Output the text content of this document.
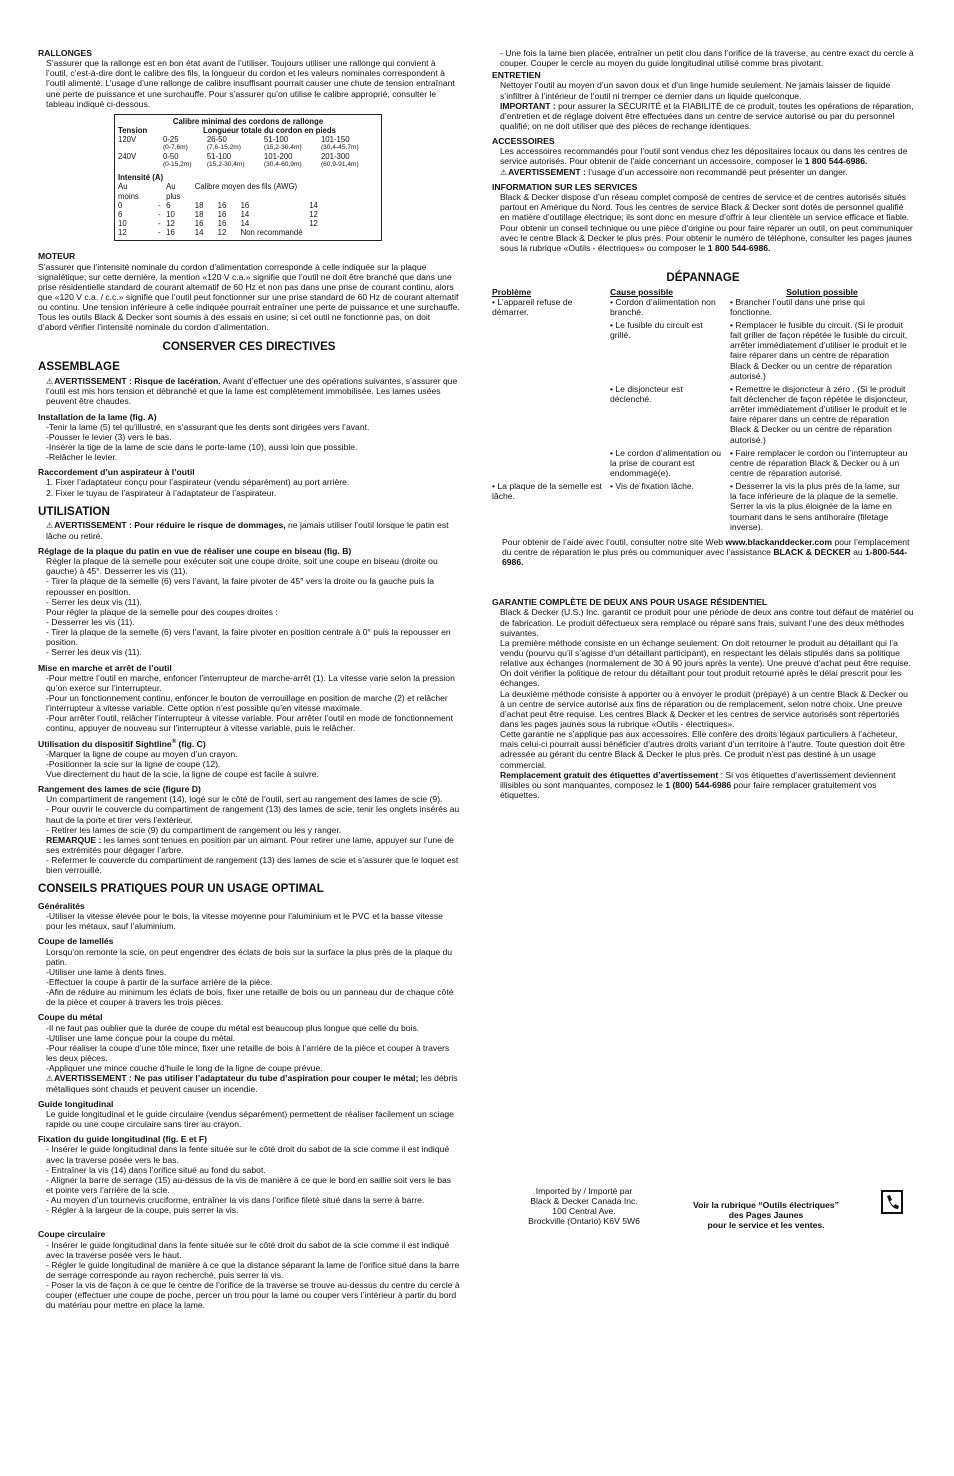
RALLONGES

S’assurer que la rallonge est en bon état avant de l’utiliser. Toujours utiliser une rallonge qui convient à l’outil, c’est-à-dire dont le calibre des fils, la longueur du cordon et les valeurs nominales correspondent à l’outil alimenté. L’usage d’une rallonge de calibre insuffisant pourrait causer une chute de tension entraînant une perte de puissance et une surchauffe. Pour s’assurer qu’on utilise le calibre approprié, consulter le tableau indiqué ci-dessous.

Calibre minimal des cordons de rallonge
Tension	Longueur totale du cordon en pieds			
120V	0-25	26-50	51-100	101-150
	(0-7,6m)	(7,6-15,2m)	(15,2-30,4m)	(30,4-45,7m)
240V	0-50	51-100	101-200	201-300
	(0-15,2m)	(15,2-30,4m)	(30,4-60,9m)	(60,9-91,4m)
Intensité (A)						
Au		Au	Calibre moyen des fils (AWG)			
moins		plus				
0	-	6	18	16	16	14
6	-	10	18	16	14	12
10	-	12	16	16	14	12
12	-	16	14	12	Non recommandé	

MOTEUR

S’assurer que l’intensité nominale du cordon d’alimentation corresponde à celle indiquée sur la plaque signalétique; sur cette dernière, la mention «120 V c.a.» signifie que l’outil ne doit être branché que dans une prise résidentielle standard de courant alternatif de 60 Hz et non pas dans une prise de courant continu, alors que «120 V c.a. / c.c.» signifie que l’outil peut fonctionner sur une prise standard de 60 Hz de courant alternatif ou continu. Une tension inférieure à celle indiquée pourrait entraîner une perte de puissance et une surchauffe. Tous les outils Black & Decker sont soumis à des essais en usine; si cet outil ne fonctionne pas, on doit d’abord vérifier l’intensité nominale du cordon d’alimentation.

CONSERVER CES DIRECTIVES

ASSEMBLAGE

⚠AVERTISSEMENT : Risque de lacération. Avant d’effectuer une des opérations suivantes, s’assurer que l’outil est mis hors tension et débranché et que la lame est complètement immobilisée. Les lames usées peuvent être chaudes.

Installation de la lame (fig. A)

-Tenir la lame (5) tel qu’illustré, en s’assurant que les dents sont dirigées vers l’avant.

-Pousser le levier (3) vers le bas.

-Insérer la tige de la lame de scie dans le porte-lame (10), aussi loin que possible.

-Relâcher le levier.

Raccordement d’un aspirateur à l’outil

1. Fixer l’adaptateur conçu pour l’aspirateur (vendu séparément) au port arrière.

2. Fixer le tuyau de l’aspirateur à l’adaptateur de l’aspirateur.

UTILISATION

⚠AVERTISSEMENT : Pour réduire le risque de dommages, ne jamais utiliser l’outil lorsque le patin est lâche ou retiré.

Réglage de la plaque du patin en vue de réaliser une coupe en biseau (fig. B)

Régler la plaque de la semelle pour exécuter soit une coupe droite, soit une coupe en biseau (droite ou gauche) à 45°. Desserrer les vis (11).

- Tirer la plaque de la semelle (6) vers l’avant, la faire pivoter de 45° vers la droite ou la gauche puis la repousser en position.

- Serrer les deux vis (11).

Pour régler la plaque de la semelle pour des coupes droites :

- Desserrer les vis (11).

- Tirer la plaque de la semelle (6) vers l’avant, la faire pivoter en position centrale à 0° puis la repousser en position.

- Serrer les deux vis (11).

Mise en marche et arrêt de l’outil

-Pour mettre l’outil en marche, enfoncer l’interrupteur de marche-arrêt (1). La vitesse varie selon la pression qu’on exerce sur l’interrupteur.

-Pour un fonctionnement continu, enfoncer le bouton de verrouillage en position de marche (2) et relâcher l’interrupteur à vitesse variable. Cette option n’est possible qu’en vitesse maximale.

-Pour arrêter l’outil, relâcher l’interrupteur à vitesse variable. Pour arrêter l’outil en mode de fonctionnement continu, appuyer de nouveau sur l’interrupteur à vitesse variable, puis le relâcher.

Utilisation du dispositif Sightline® (fig. C)

-Marquer la ligne de coupe au moyen d’un crayon.

-Positionner la scie sur la ligne de coupe (12).

Vue directement du haut de la scie, la ligne de coupe est facile à suivre.

Rangement des lames de scie (figure D)

Un compartiment de rangement (14), logé sur le côté de l’outil, sert au rangement des lames de scie (9).

- Pour ouvrir le couvercle du compartiment de rangement (13) des lames de scie, tenir les onglets insérés au haut de la porte et tirer vers l’extérieur.

- Retirer les lames de scie (9) du compartiment de rangement ou les y ranger.

REMARQUE : les lames sont tenues en position par un aimant. Pour retirer une lame, appuyer sur l’une de ses extrémités pour dégager l’arbre.

- Refermer le couvercle du compartiment de rangement (13) des lames de scie et s’assurer que le loquet est bien verrouillé.

CONSEILS PRATIQUES POUR UN USAGE OPTIMAL

Généralités

-Utiliser la vitesse élevée pour le bois, la vitesse moyenne pour l’aluminium et le PVC et la basse vitesse pour les métaux, sauf l’aluminium.

Coupe de lamellés

Lorsqu’on remonte la scie, on peut engendrer des éclats de bois sur la surface la plus près de la plaque du patin.

-Utiliser une lame à dents fines.

-Effectuer la coupe à partir de la surface arrière de la pièce.

-Afin de réduire au minimum les éclats de bois, fixer une retaille de bois ou un panneau dur de chaque côté de la pièce et couper à travers les trois pièces.

Coupe du métal

-Il ne faut pas oublier que la durée de coupe du métal est beaucoup plus longue que celle du bois.

-Utiliser une lame conçue pour la coupe du métal.

-Pour réaliser la coupe d’une tôle mince, fixer une retaille de bois à l’arrière de la pièce et couper à travers les deux pièces.

-Appliquer une mince couche d’huile le long de la ligne de coupe prévue.

⚠AVERTISSEMENT : Ne pas utiliser l’adaptateur du tube d’aspiration pour couper le métal; les débris métalliques sont chauds et peuvent causer un incendie.

Guide longitudinal

Le guide longitudinal et le guide circulaire (vendus séparément) permettent de réaliser facilement un sciage rapide ou une coupe circulaire sans tirer au crayon.

Fixation du guide longitudinal (fig. E et F)

- Insérer le guide longitudinal dans la fente située sur le côté droit du sabot de la scie comme il est indiqué avec la traverse posée vers le bas.

- Entraîner la vis (14) dans l’orifice situé au fond du sabot.

- Aligner la barre de serrage (15) au-dessus de la vis de manière à ce que le bord en saillie soit vers le bas et pointe vers l’arrière de la scie.

- Au moyen d’un tournevis cruciforme, entraîner la vis dans l’orifice fileté situé dans la serre à barre.

- Régler à la largeur de la coupe, puis serrer la vis.

Coupe circulaire

- Insérer le guide longitudinal dans la fente située sur le côté droit du sabot de la scie comme il est indiqué avec la traverse posée vers le haut.

- Régler le guide longitudinal de manière à ce que la distance séparant la lame de l’orifice situé dans la barre de serrage corresponde au rayon recherché, puis serrer la vis.

- Poser la vis de façon à ce que le centre de l’orifice de la traverse se trouve au-dessus du centre du cercle à couper (effectuer une coupe de poche, percer un trou pour la lame ou couper vers l’intérieur à partir du bord du matériau pour mettre en place la lame.

- Une fois la lame bien placée, entraîner un petit clou dans l’orifice de la traverse, au centre exact du cercle à couper. Couper le cercle au moyen du guide longitudinal utilisé comme bras pivotant.

ENTRETIEN

Nettoyer l’outil au moyen d’un savon doux et d’un linge humide seulement. Ne jamais laisser de liquide s’infiltrer à l’intérieur de l’outil ni tremper ce dernier dans un liquide quelconque.

IMPORTANT : pour assurer la SÉCURITÉ et la FIABILITÉ de ce produit, toutes les opérations de réparation, d’entretien et de réglage doivent être effectuées dans un centre de service autorisé ou par du personnel qualifié; on ne doit utiliser que des pièces de rechange identiques.

ACCESSOIRES

Les accessoires recommandés pour l’outil sont vendus chez les dépositaires locaux ou dans les centres de service autorisés. Pour obtenir de l’aide concernant un accessoire, composer le 1 800 544-6986.

⚠AVERTISSEMENT : l’usage d’un accessoire non recommandé peut présenter un danger.

INFORMATION SUR LES SERVICES

Black & Decker dispose d’un réseau complet composé de centres de service et de centres autorisés situés partout en Amérique du Nord. Tous les centres de service Black & Decker sont dotés de personnel qualifié en matière d’outillage électrique; ils sont donc en mesure d’offrir à leur clientèle un service efficace et fiable. Pour obtenir un conseil technique ou une pièce d’origine ou pour faire réparer un outil, on peut communiquer avec le centre Black & Decker le plus près. Pour obtenir le numéro de téléphone, consulter les pages jaunes sous la rubrique «Outils - électriques» ou composer le 1 800 544-6986.

DÉPANNAGE

Problème	Cause possible	Solution possible
• L’appareil refuse de démarrer.	• Cordon d’alimentation non branché.	• Brancher l’outil dans une prise qui fonctionne.
	• Le fusible du circuit est grillé.	• Remplacer le fusible du circuit. (Si le produit fait griller de façon répétée le fusible du circuit, arrêter immédiatement d’utiliser le produit et le faire réparer dans un centre de réparation Black & Decker ou un centre de réparation autorisé.)
	• Le disjoncteur est déclenché.	• Remettre le disjoncteur à zéro . (Si le produit fait déclencher de façon répétée le disjoncteur, arrêter immédiatement d’utiliser le produit et le faire réparer dans un centre de réparation Black & Decker ou un centre de réparation autorisé.)
	• Le cordon d’alimentation ou la prise de courant est endommagé(e).	• Faire remplacer le cordon ou l’interrupteur au centre de réparation Black & Decker ou à un centre de réparation autorisé.
• La plaque de la semelle est lâche.	• Vis de fixation lâche.	• Desserrer la vis la plus près de la lame, sur la face inférieure de la plaque de la semelle. Serrer la vis la plus éloignée de la lame en tournant dans le sens antihoraire (filetage inverse).

Pour obtenir de l’aide avec l’outil, consulter notre site Web www.blackanddecker.com pour l’emplacement du centre de réparation le plus près ou communiquer avec l’assistance BLACK & DECKER au 1-800-544-6986.

GARANTIE COMPLÈTE DE DEUX ANS POUR USAGE RÉSIDENTIEL

Black & Decker (U.S.) Inc. garantit ce produit pour une période de deux ans contre tout défaut de matériel ou de fabrication. Le produit défectueux sera remplacé ou réparé sans frais, suivant l’une des deux méthodes suivantes.

La première méthode consiste en un échange seulement. On doit retourner le produit au détaillant qui l’a vendu (pourvu qu’il s’agisse d’un détaillant participant), en respectant les délais stipulés dans sa politique relative aux échanges (normalement de 30 à 90 jours après la vente). Une preuve d’achat peut être requise. On doit vérifier la politique de retour du détaillant pour tout produit retourné après le délai prescrit pour les échanges.

La deuxième méthode consiste à apporter ou à envoyer le produit (prépayé) à un centre Black & Decker ou à un centre de service autorisé aux fins de réparation ou de remplacement, selon notre choix. Une preuve d’achat peut être requise. Les centres Black & Decker et les centres de service autorisés sont répertoriés dans les pages jaunes sous la rubrique «Outils - électriques».

Cette garantie ne s’applique pas aux accessoires. Elle confère des droits légaux particuliers à l’acheteur, mais celui-ci pourrait aussi bénéficier d’autres droits variant d’un territoire à l’autre. Toute question doit être adressée au gérant du centre Black & Decker le plus près. Ce produit n’est pas destiné à un usage commercial.

Remplacement gratuit des étiquettes d’avertissement : Si vos étiquettes d’avertissement deviennent illisibles ou sont manquantes, composez le 1 (800) 544-6986 pour faire remplacer gratuitement vos étiquettes.

Imported by / Importé par
Black & Decker Canada Inc.
100 Central Ave.
Brockville (Ontario) K6V 5W6
Voir la rubrique “Outils électriques”
des Pages Jaunes
pour le service et les ventes.
